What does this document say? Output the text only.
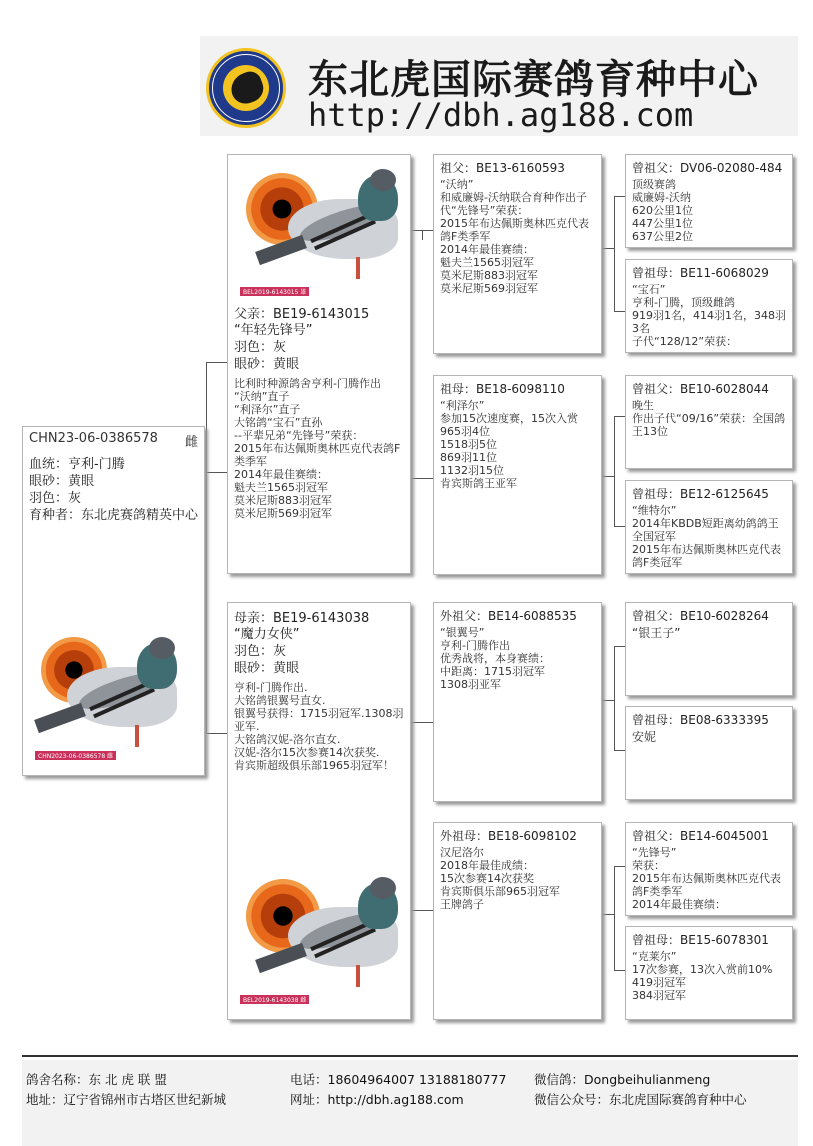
东北虎国际赛鸽育种中心
http://dbh.ag188.com
CHN23-06-0386578 雌
血统：亨利-门腾
眼砂：黄眼
羽色：灰
育种者：东北虎赛鸽精英中心
CHN2023-06-0386578 雌
BEL2019-6143015 雄
父亲：BE19-6143015
“年轻先锋号”
羽色：灰
眼砂：黄眼
比利时种源鸽舍亨利-门腾作出
“沃纳”直子
“利泽尔”直子
大铭鸽“宝石”直孙
--平辈兄弟“先锋号”荣获：
2015年布达佩斯奥林匹克代表鸽F类季军
2014年最佳赛绩：
魁夫兰1565羽冠军
莫米尼斯883羽冠军
莫米尼斯569羽冠军
母亲：BE19-6143038
“魔力女侠”
羽色：灰
眼砂：黄眼
亨利-门腾作出.
大铭鸽银翼号直女.
银翼号获得：1715羽冠军.1308羽亚军.
大铭鸽汉妮-洛尔直女.
汉妮-洛尔15次参赛14次获奖.
肯宾斯超级俱乐部1965羽冠军！
BEL2019-6143038 雌
祖父：BE13-6160593
“沃纳”
和威廉姆-沃纳联合育种作出子代“先锋号”荣获：
2015年布达佩斯奥林匹克代表鸽F类季军
2014年最佳赛绩：
魁夫兰1565羽冠军
莫米尼斯883羽冠军
莫米尼斯569羽冠军
祖母：BE18-6098110
“利泽尔”
参加15次速度赛，15次入赏
965羽4位
1518羽5位
869羽11位
1132羽15位
肯宾斯鸽王亚军
外祖父：BE14-6088535
“银翼号”
亨利-门腾作出
优秀战将，本身赛绩：
中距离：1715羽冠军
1308羽亚军
外祖母：BE18-6098102
汉尼洛尔
2018年最佳成绩：
15次参赛14次获奖
肯宾斯俱乐部965羽冠军
王牌鸽子
曾祖父：DV06-02080-484
顶级赛鸽
威廉姆-沃纳
620公里1位
447公里1位
637公里2位
曾祖母：BE11-6068029
“宝石”
亨利-门腾，顶级雌鸽
919羽1名，414羽1名，348羽3名
子代“128/12”荣获：
曾祖父：BE10-6028044
晚生
作出子代“09/16”荣获：全国鸽王13位
曾祖母：BE12-6125645
“维特尔”
2014年KBDB短距离幼鸽鸽王全国冠军
2015年布达佩斯奥林匹克代表鸽F类冠军
曾祖父：BE10-6028264
“银王子”
曾祖母：BE08-6333395
安妮
曾祖父：BE14-6045001
“先锋号”
荣获：
2015年布达佩斯奥林匹克代表鸽F类季军
2014年最佳赛绩：
曾祖母：BE15-6078301
“克莱尔”
17次参赛，13次入赏前10%
419羽冠军
384羽冠军
鸽舍名称：东 北 虎 联 盟	电话：18604964007 13188180777 微信鸽：Dongbeihulianmeng
地址：辽宁省锦州市古塔区世纪新城	网址：http://dbh.ag188.com	微信公众号：东北虎国际赛鸽育种中心
